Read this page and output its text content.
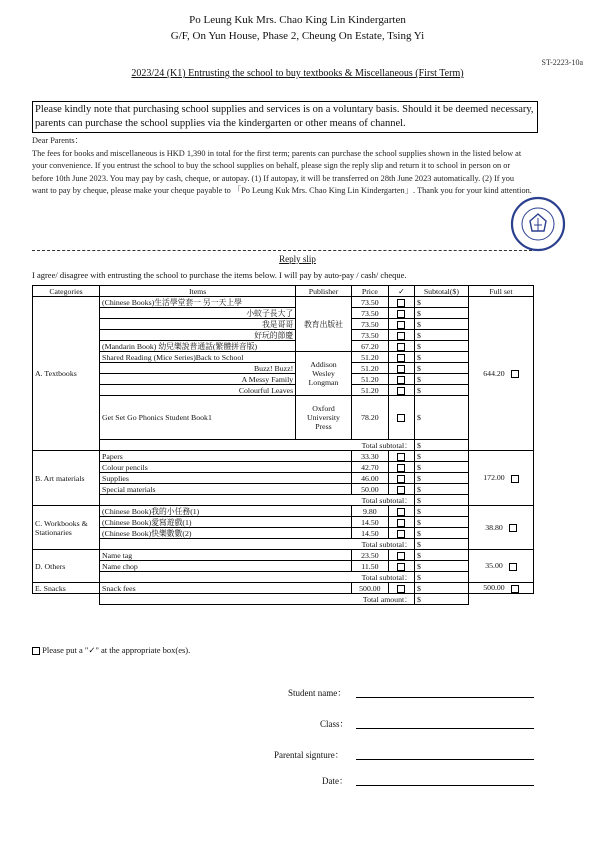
Po Leung Kuk Mrs. Chao King Lin Kindergarten
G/F, On Yun House, Phase 2, Cheung On Estate, Tsing Yi
ST-2223-10a
2023/24 (K1) Entrusting the school to buy textbooks & Miscellaneous (First Term)
Please kindly note that purchasing school supplies and services is on a voluntary basis. Should it be deemed necessary, parents can purchase the school supplies via the kindergarten or other means of channel.

Dear Parents：

The fees for books and miscellaneous is HKD 1,390 in total for the first term; parents can purchase the school supplies shown in the listed below at your convenience. If you entrust the school to buy the school supplies on behalf, please sign the reply slip and return it to school in person on or before 10th June 2023. You may pay by cash, cheque, or autopay. (1) If autopay, it will be transferred on 28th June 2023 automatically. (2) If you want to pay by cheque, please make your cheque payable to 「Po Leung Kuk Mrs. Chao King Lin Kindergarten」. Thank you for your kind attention.

Reply slip
I agree/ disagree with entrusting the school to purchase the items below. I will pay by auto-pay / cash/ cheque.
Categories	Items	Publisher	Price	✓	Subtotal($)	Full set
A. Textbooks	(Chinese Books)生活學堂套一 另一天上學	教育出版社	73.50		$	644.20
	小蚊子長大了		73.50		$	
	我是哥哥		73.50		$	
	好玩的節慶		73.50		$	
	(Mandarin Book) 幼兒樂說普通話(繁體拼音版)		67.20		$	
	Shared Reading (Mice Series)Back to School	Addison Wesley Longman	51.20		$	
	Buzz! Buzz!		51.20		$	
	A Messy Family		51.20		$	
	Colourful Leaves		51.20		$	
	Get Set Go Phonics Student Book1	Oxford University Press	78.20		$	
	Total subtotal：				$	
B. Art materials	Papers		33.30		$	172.00
	Colour pencils		42.70		$	
	Supplies		46.00		$	
	Special materials		50.00		$	
	Total subtotal：				$	
C. Workbooks & Stationaries	(Chinese Book)我的小任務(1)		9.80		$	38.80
	(Chinese Book)愛寫遊戲(1)		14.50		$	
	(Chinese Book)快樂數數(2)		14.50		$	
	Total subtotal：				$	
D. Others	Name tag		23.50		$	35.00
	Name chop		11.50		$	
	Total subtotal：				$	
E. Snacks	Snack fees		500.00		$	500.00
	Total amount：				$	
Please put a "✓" at the appropriate box(es).
Student name：
Class：
Parental signture：
Date：
